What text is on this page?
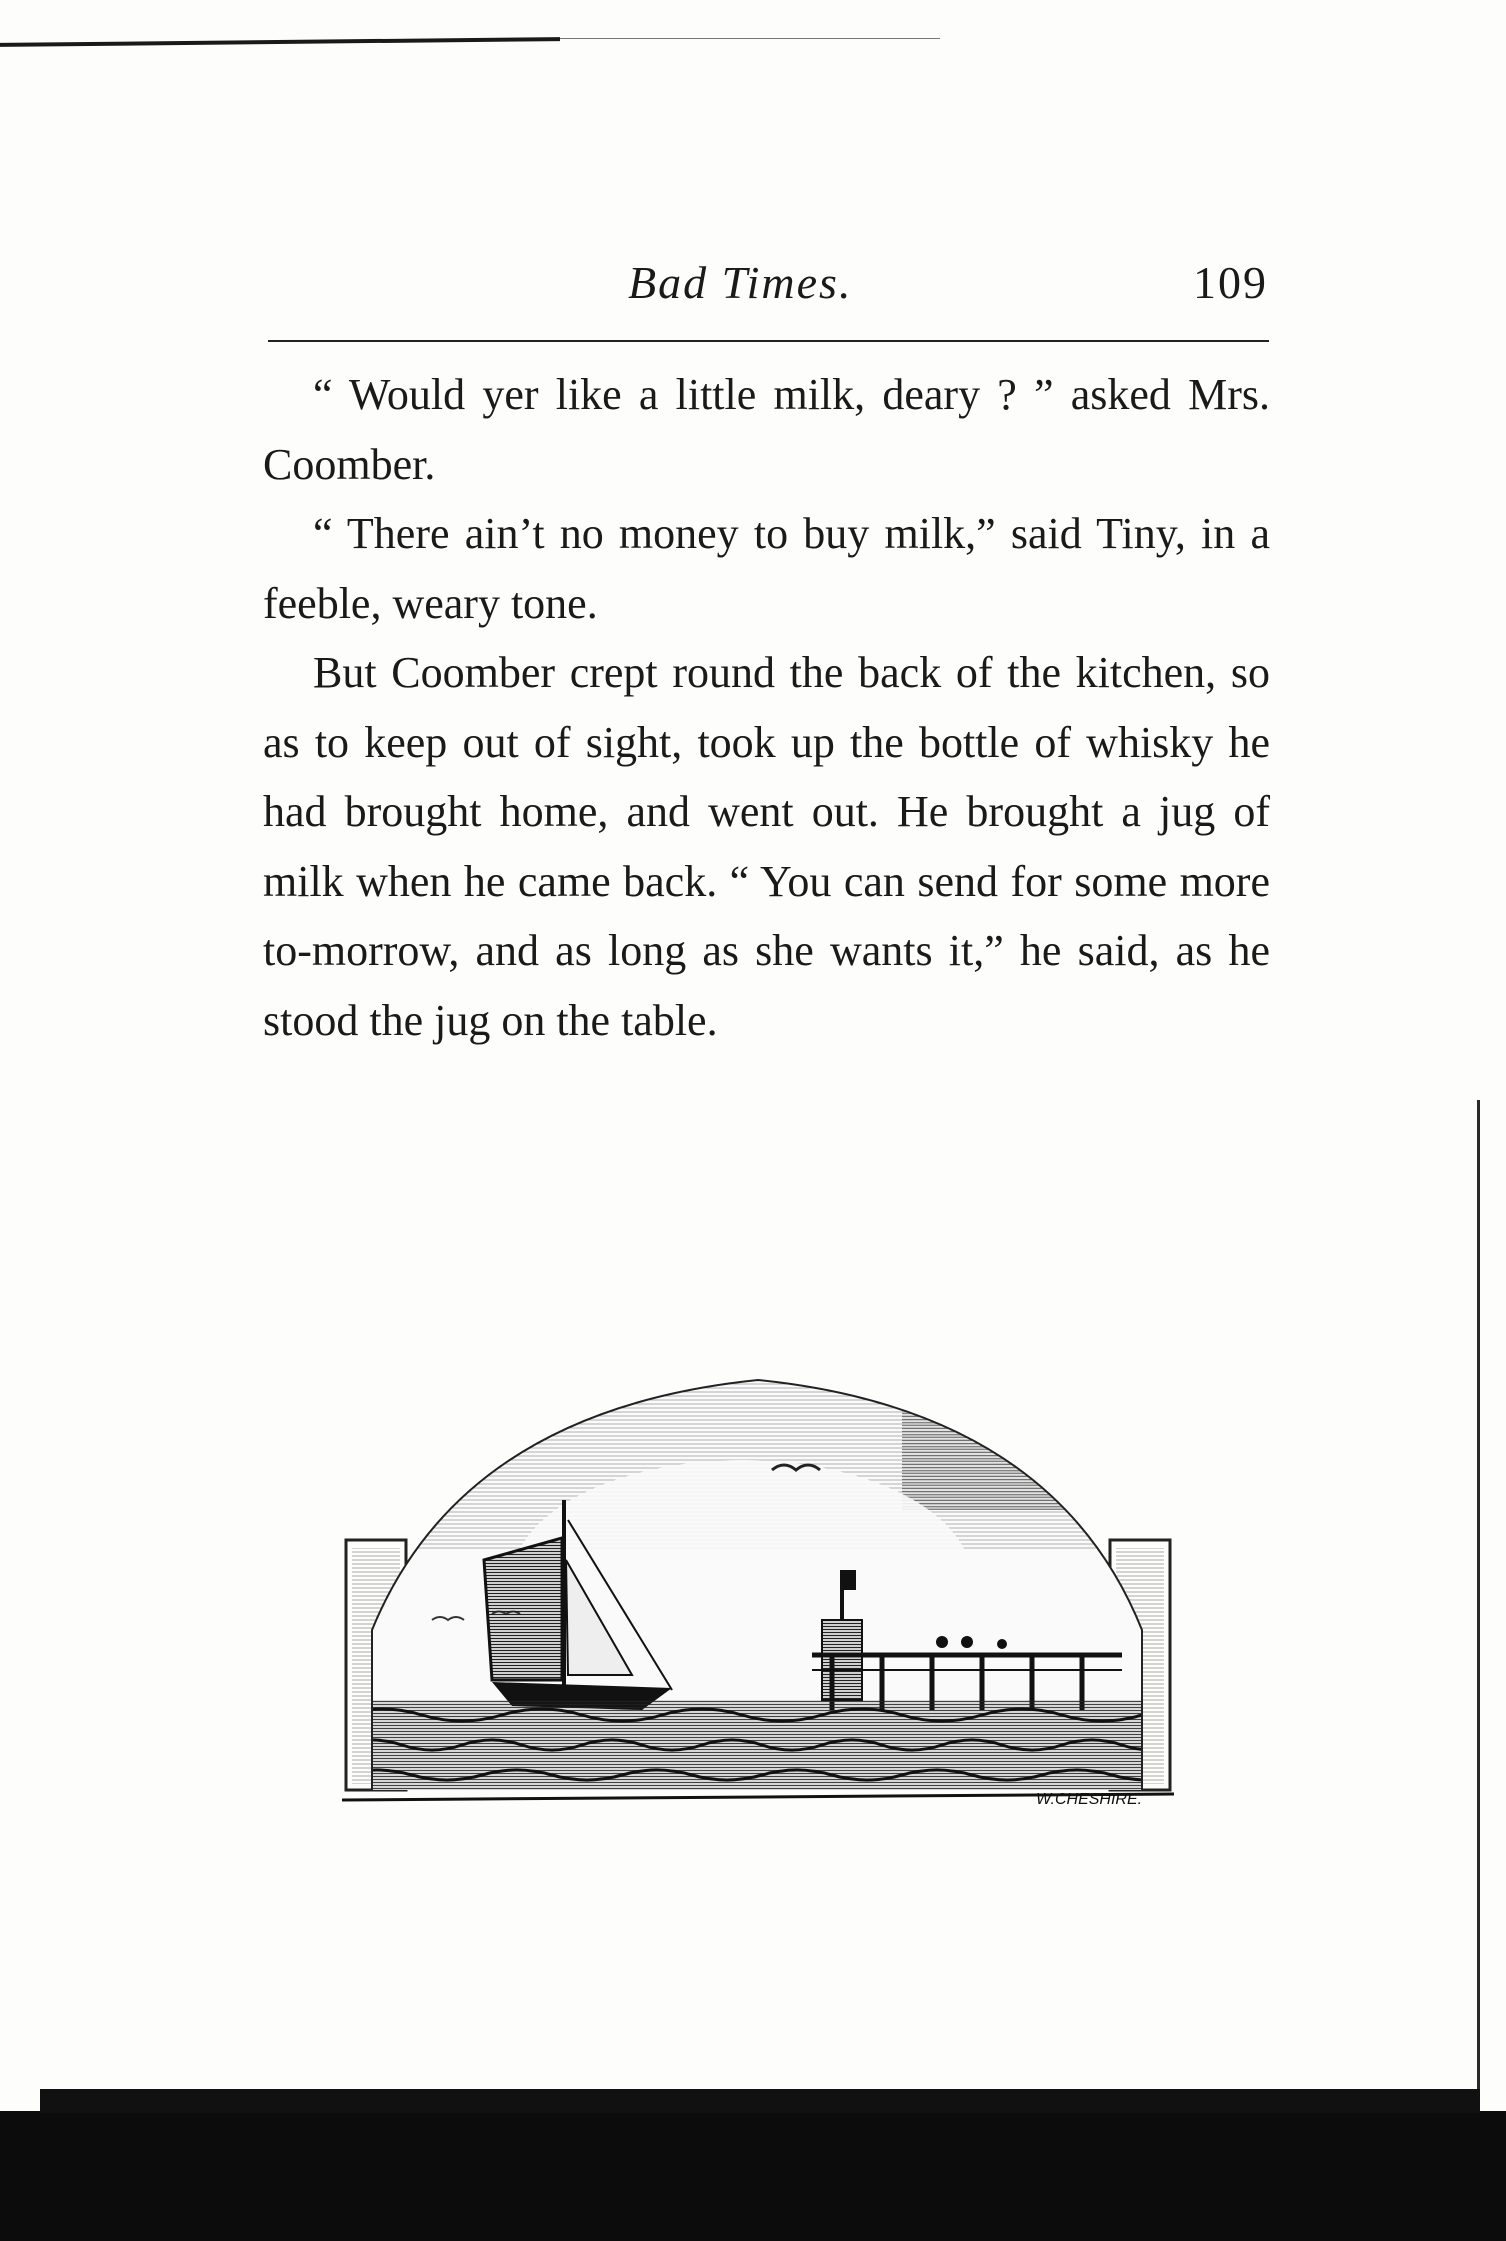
Bad Times.	109

“ Would yer like a little milk, deary ? ” asked Mrs. Coomber.

“ There ain’t no money to buy milk,” said Tiny, in a feeble, weary tone.

But Coomber crept round the back of the kitchen, so as to keep out of sight, took up the bottle of whisky he had brought home, and went out. He brought a jug of milk when he came back. “ You can send for some more to-morrow, and as long as she wants it,” he said, as he stood the jug on the table.

W.CHESHIRE.
